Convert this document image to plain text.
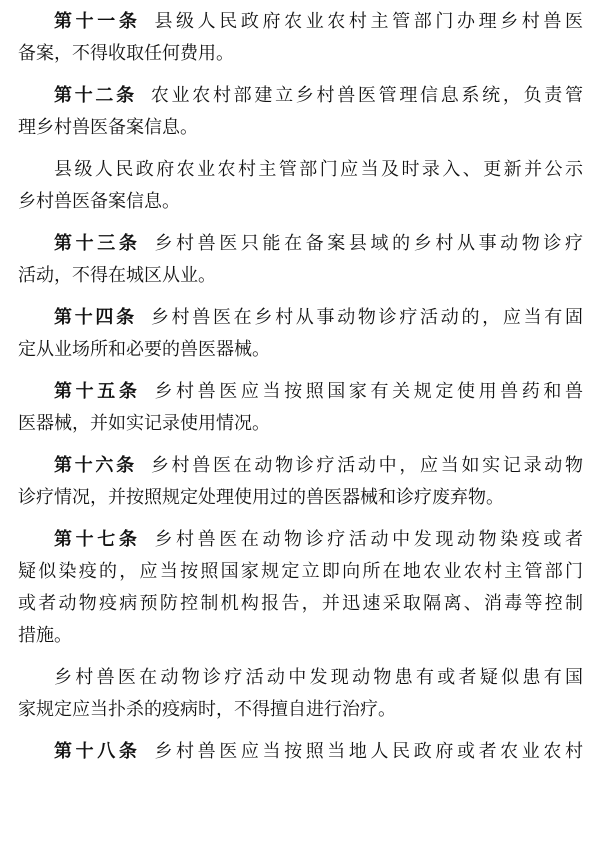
第十一条 县级人民政府农业农村主管部门办理乡村兽医
备案，不得收取任何费用。
第十二条 农业农村部建立乡村兽医管理信息系统，负责管
理乡村兽医备案信息。
县级人民政府农业农村主管部门应当及时录入、更新并公示
乡村兽医备案信息。
第十三条 乡村兽医只能在备案县域的乡村从事动物诊疗
活动，不得在城区从业。
第十四条 乡村兽医在乡村从事动物诊疗活动的，应当有固
定从业场所和必要的兽医器械。
第十五条 乡村兽医应当按照国家有关规定使用兽药和兽
医器械，并如实记录使用情况。
第十六条 乡村兽医在动物诊疗活动中，应当如实记录动物
诊疗情况，并按照规定处理使用过的兽医器械和诊疗废弃物。
第十七条 乡村兽医在动物诊疗活动中发现动物染疫或者
疑似染疫的，应当按照国家规定立即向所在地农业农村主管部门
或者动物疫病预防控制机构报告，并迅速采取隔离、消毒等控制
措施。
乡村兽医在动物诊疗活动中发现动物患有或者疑似患有国
家规定应当扑杀的疫病时，不得擅自进行治疗。
第十八条 乡村兽医应当按照当地人民政府或者农业农村
